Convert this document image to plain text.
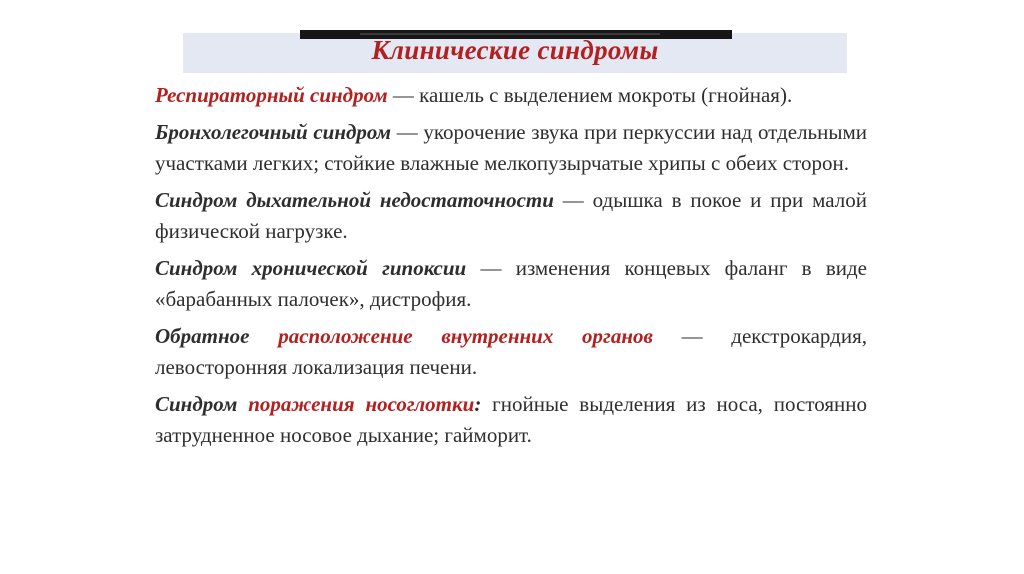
Клинические синдромы

Респираторный синдром — кашель с выделением мокроты (гнойная).

Бронхолегочный синдром — укорочение звука при перкуссии над отдельными участками легких; стойкие влажные мелкопузырчатые хрипы с обеих сторон.

Синдром дыхательной недостаточности — одышка в покое и при малой физической нагрузке.

Синдром хронической гипоксии — изменения концевых фаланг в виде «барабанных палочек», дистрофия.

Обратное расположение внутренних органов — декстрокардия, левосторонняя локализация печени.

Синдром поражения носоглотки: гнойные выделения из носа, постоянно затрудненное носовое дыхание; гайморит.
